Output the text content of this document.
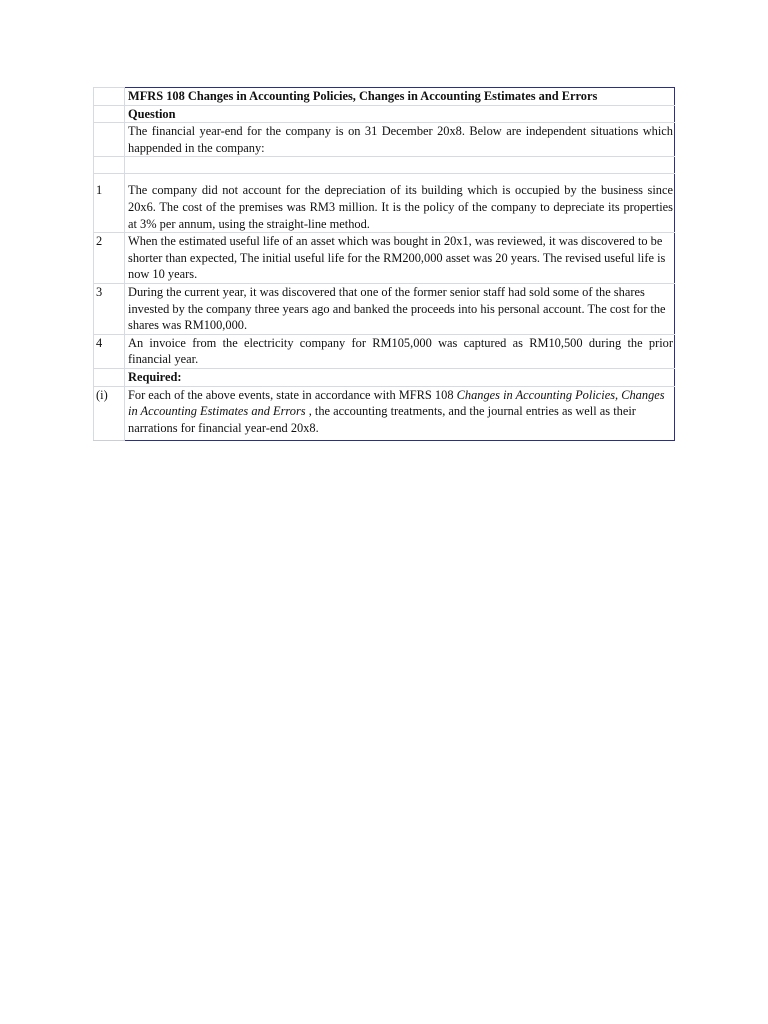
	MFRS 108 Changes in Accounting Policies, Changes in Accounting Estimates and Errors
	Question
	The financial year-end for the company is on 31 December 20x8. Below are independent situations which happended in the company:

1	The company did not account for the depreciation of its building which is occupied by the business since 20x6. The cost of the premises was RM3 million. It is the policy of the company to depreciate its properties at 3% per annum, using the straight-line method.
2	When the estimated useful life of an asset which was bought in 20x1, was reviewed, it was discovered to be shorter than expected, The initial useful life for the RM200,000 asset was 20 years. The revised useful life is now 10 years.
3	During the current year, it was discovered that one of the former senior staff had sold some of the shares invested by the company three years ago and banked the proceeds into his personal account. The cost for the shares was RM100,000.
4	An invoice from the electricity company for RM105,000 was captured as RM10,500 during the prior financial year.
	Required:
(i)	For each of the above events, state in accordance with MFRS 108 Changes in Accounting Policies, Changes in Accounting Estimates and Errors , the accounting treatments, and the journal entries as well as their narrations for financial year-end 20x8.
